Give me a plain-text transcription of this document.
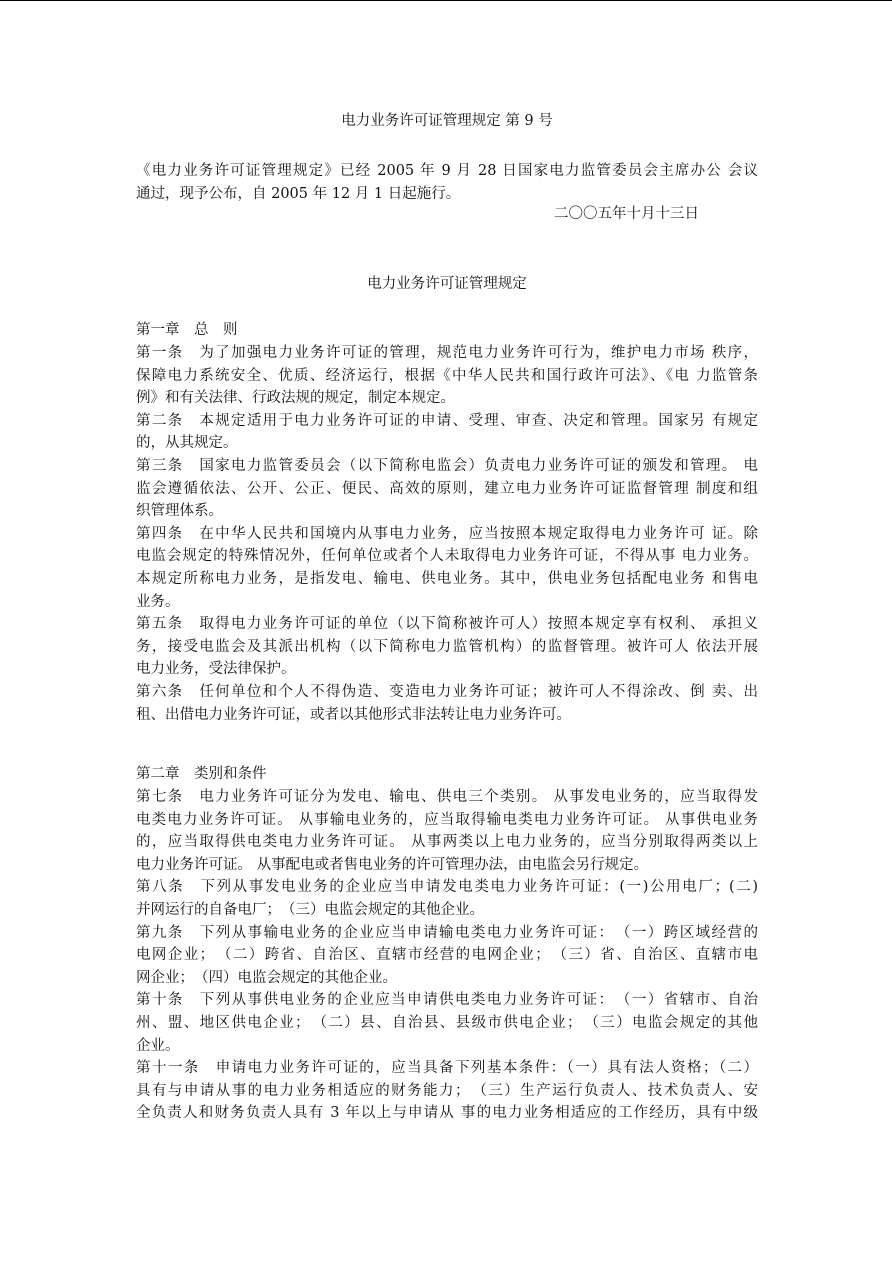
电力业务许可证管理规定 第 9 号
《电力业务许可证管理规定》已经 2005 年 9 月 28 日国家电力监管委员会主席办公 会议
通过，现予公布，自 2005 年 12 月 1 日起施行。
二〇〇五年十月十三日
电力业务许可证管理规定
第一章　总　则
第一条　为了加强电力业务许可证的管理，规范电力业务许可行为，维护电力市场 秩序，
保障电力系统安全、优质、经济运行，根据《中华人民共和国行政许可法》、《电 力监管条
例》和有关法律、行政法规的规定，制定本规定。
第二条　本规定适用于电力业务许可证的申请、受理、审查、决定和管理。国家另 有规定
的，从其规定。
第三条　国家电力监管委员会（以下简称电监会）负责电力业务许可证的颁发和管理。 电
监会遵循依法、公开、公正、便民、高效的原则，建立电力业务许可证监督管理 制度和组
织管理体系。
第四条　在中华人民共和国境内从事电力业务，应当按照本规定取得电力业务许可 证。除
电监会规定的特殊情况外，任何单位或者个人未取得电力业务许可证，不得从事 电力业务。
本规定所称电力业务，是指发电、输电、供电业务。其中，供电业务包括配电业务 和售电
业务。
第五条　取得电力业务许可证的单位（以下简称被许可人）按照本规定享有权利、 承担义
务，接受电监会及其派出机构（以下简称电力监管机构）的监督管理。被许可人 依法开展
电力业务，受法律保护。
第六条　任何单位和个人不得伪造、变造电力业务许可证；被许可人不得涂改、倒 卖、出
租、出借电力业务许可证，或者以其他形式非法转让电力业务许可。
第二章　类别和条件
第七条　电力业务许可证分为发电、输电、供电三个类别。 从事发电业务的，应当取得发
电类电力业务许可证。 从事输电业务的，应当取得输电类电力业务许可证。 从事供电业务
的，应当取得供电类电力业务许可证。 从事两类以上电力业务的，应当分别取得两类以上
电力业务许可证。 从事配电或者售电业务的许可管理办法，由电监会另行规定。
第八条　下列从事发电业务的企业应当申请发电类电力业务许可证：(一)公用电厂；(二)
并网运行的自备电厂；　（三）电监会规定的其他企业。
第九条　下列从事输电业务的企业应当申请输电类电力业务许可证：　（一）跨区域经营的
电网企业；　（二）跨省、自治区、直辖市经营的电网企业；　（三）省、自治区、直辖市电
网企业；　（四）电监会规定的其他企业。
第十条　下列从事供电业务的企业应当申请供电类电力业务许可证：　（一）省辖市、自治
州、盟、地区供电企业；　（二）县、自治县、县级市供电企业；　（三）电监会规定的其他
企业。
第十一条　申请电力业务许可证的，应当具备下列基本条件：（一）具有法人资格；（二）
具有与申请从事的电力业务相适应的财务能力；　（三）生产运行负责人、技术负责人、安
全负责人和财务负责人具有 3 年以上与申请从 事的电力业务相适应的工作经历，具有中级
